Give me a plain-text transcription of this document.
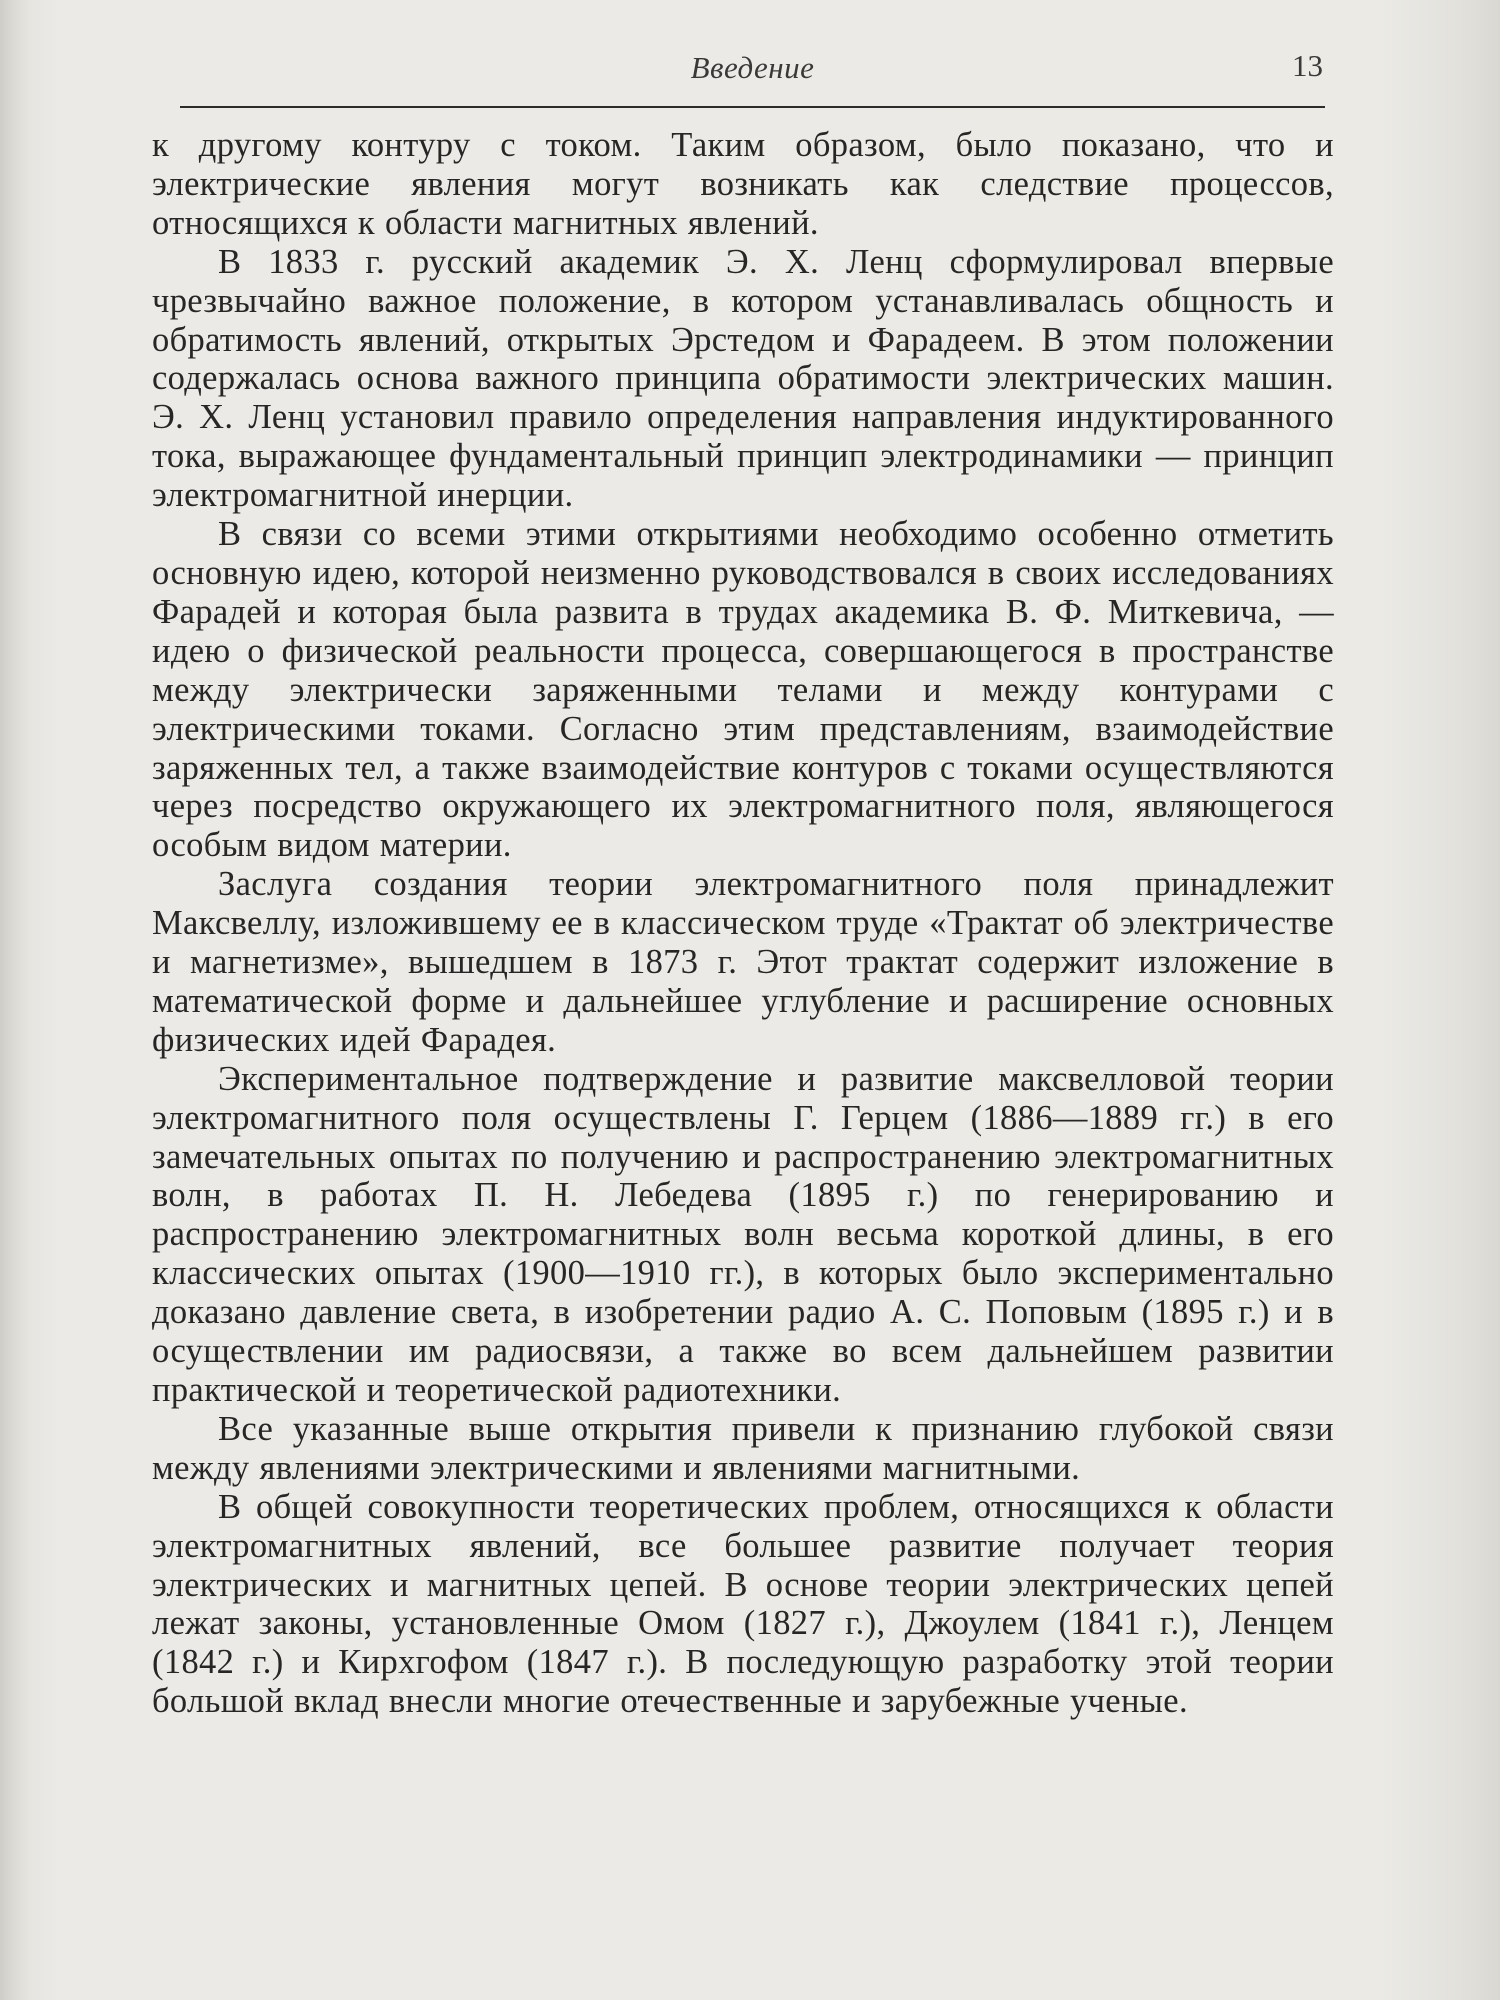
Введение	13

к другому контуру с током. Таким образом, было показано, что и электрические явления могут возникать как следствие процессов, относящихся к области магнитных явлений.

В 1833 г. русский академик Э. Х. Ленц сформулировал впервые чрезвычайно важное положение, в котором устанавливалась общность и обратимость явлений, открытых Эрстедом и Фарадеем. В этом положении содержалась основа важного принципа обратимости электрических машин. Э. Х. Ленц установил правило определения направления индуктированного тока, выражающее фундаментальный принцип электродинамики — принцип электромагнитной инерции.

В связи со всеми этими открытиями необходимо особенно отметить основную идею, которой неизменно руководствовался в своих исследованиях Фарадей и которая была развита в трудах академика В. Ф. Миткевича, — идею о физической реальности процесса, совершающегося в пространстве между электрически заряженными телами и между контурами с электрическими токами. Согласно этим представлениям, взаимодействие заряженных тел, а также взаимодействие контуров с токами осуществляются через посредство окружающего их электромагнитного поля, являющегося особым видом материи.

Заслуга создания теории электромагнитного поля принадлежит Максвеллу, изложившему ее в классическом труде «Трактат об электричестве и магнетизме», вышедшем в 1873 г. Этот трактат содержит изложение в математической форме и дальнейшее углубление и расширение основных физических идей Фарадея.

Экспериментальное подтверждение и развитие максвелловой теории электромагнитного поля осуществлены Г. Герцем (1886—1889 гг.) в его замечательных опытах по получению и распространению электромагнитных волн, в работах П. Н. Лебедева (1895 г.) по генерированию и распространению электромагнитных волн весьма короткой длины, в его классических опытах (1900—1910 гг.), в которых было экспериментально доказано давление света, в изобретении радио А. С. Поповым (1895 г.) и в осуществлении им радиосвязи, а также во всем дальнейшем развитии практической и теоретической радиотехники.

Все указанные выше открытия привели к признанию глубокой связи между явлениями электрическими и явлениями магнитными.

В общей совокупности теоретических проблем, относящихся к области электромагнитных явлений, все большее развитие получает теория электрических и магнитных цепей. В основе теории электрических цепей лежат законы, установленные Омом (1827 г.), Джоулем (1841 г.), Ленцем (1842 г.) и Кирхгофом (1847 г.). В последующую разработку этой теории большой вклад внесли многие отечественные и зарубежные ученые.
